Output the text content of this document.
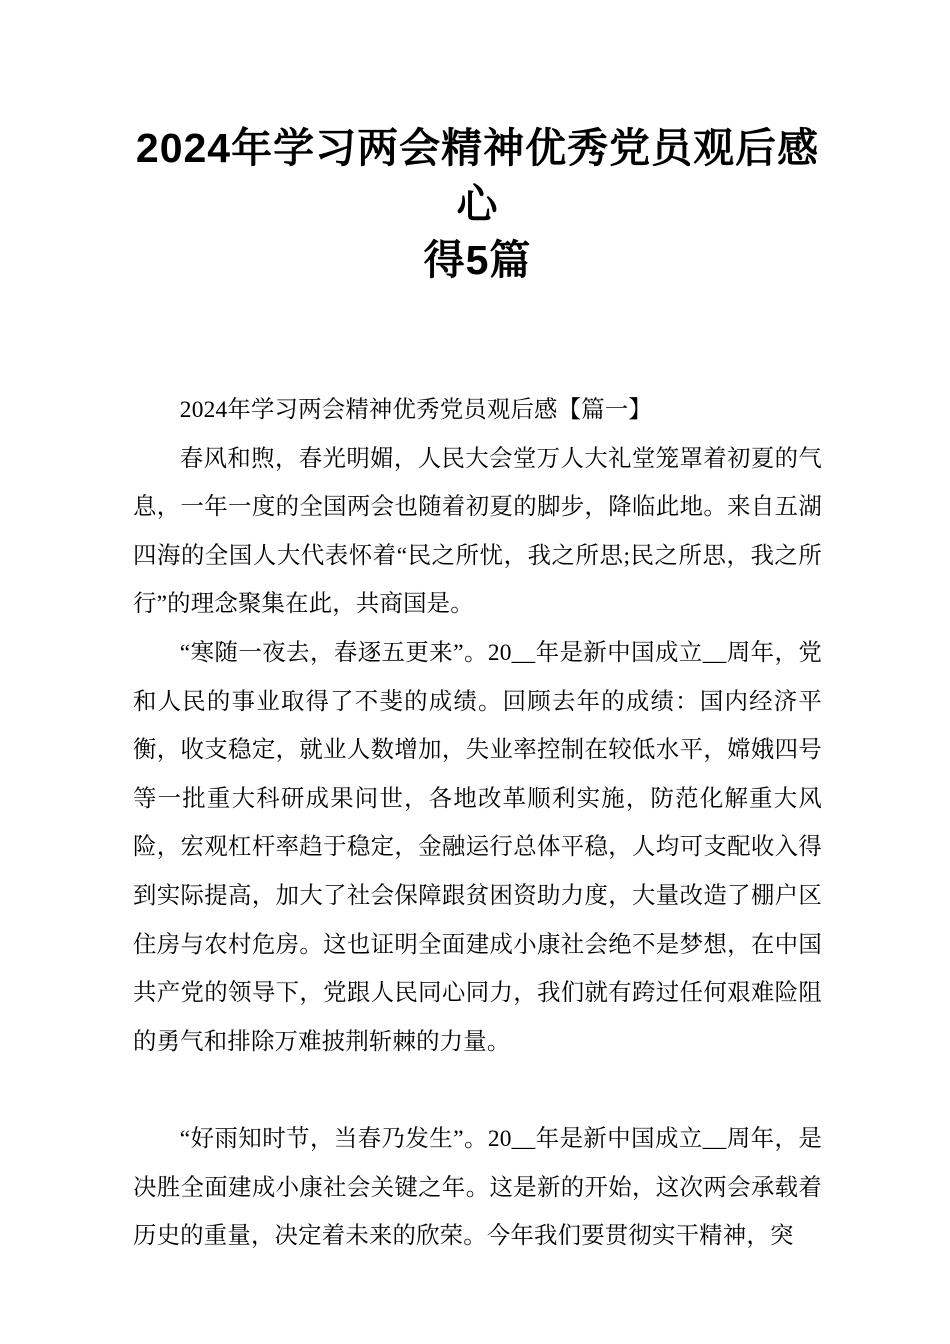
2024年学习两会精神优秀党员观后感心
得5篇

2024年学习两会精神优秀党员观后感【篇一】

春风和煦，春光明媚，人民大会堂万人大礼堂笼罩着初夏的气息，一年一度的全国两会也随着初夏的脚步，降临此地。来自五湖四海的全国人大代表怀着“民之所忧，我之所思;民之所思，我之所行”的理念聚集在此，共商国是。

“寒随一夜去，春逐五更来”。20__年是新中国成立__周年，党和人民的事业取得了不斐的成绩。回顾去年的成绩：国内经济平衡，收支稳定，就业人数增加，失业率控制在较低水平，嫦娥四号等一批重大科研成果问世，各地改革顺利实施，防范化解重大风险，宏观杠杆率趋于稳定，金融运行总体平稳，人均可支配收入得到实际提高，加大了社会保障跟贫困资助力度，大量改造了棚户区住房与农村危房。这也证明全面建成小康社会绝不是梦想，在中国共产党的领导下，党跟人民同心同力，我们就有跨过任何艰难险阻的勇气和排除万难披荆斩棘的力量。

“好雨知时节，当春乃发生”。20__年是新中国成立__周年，是决胜全面建成小康社会关键之年。这是新的开始，这次两会承载着历史的重量，决定着未来的欣荣。今年我们要贯彻实干精神，突
